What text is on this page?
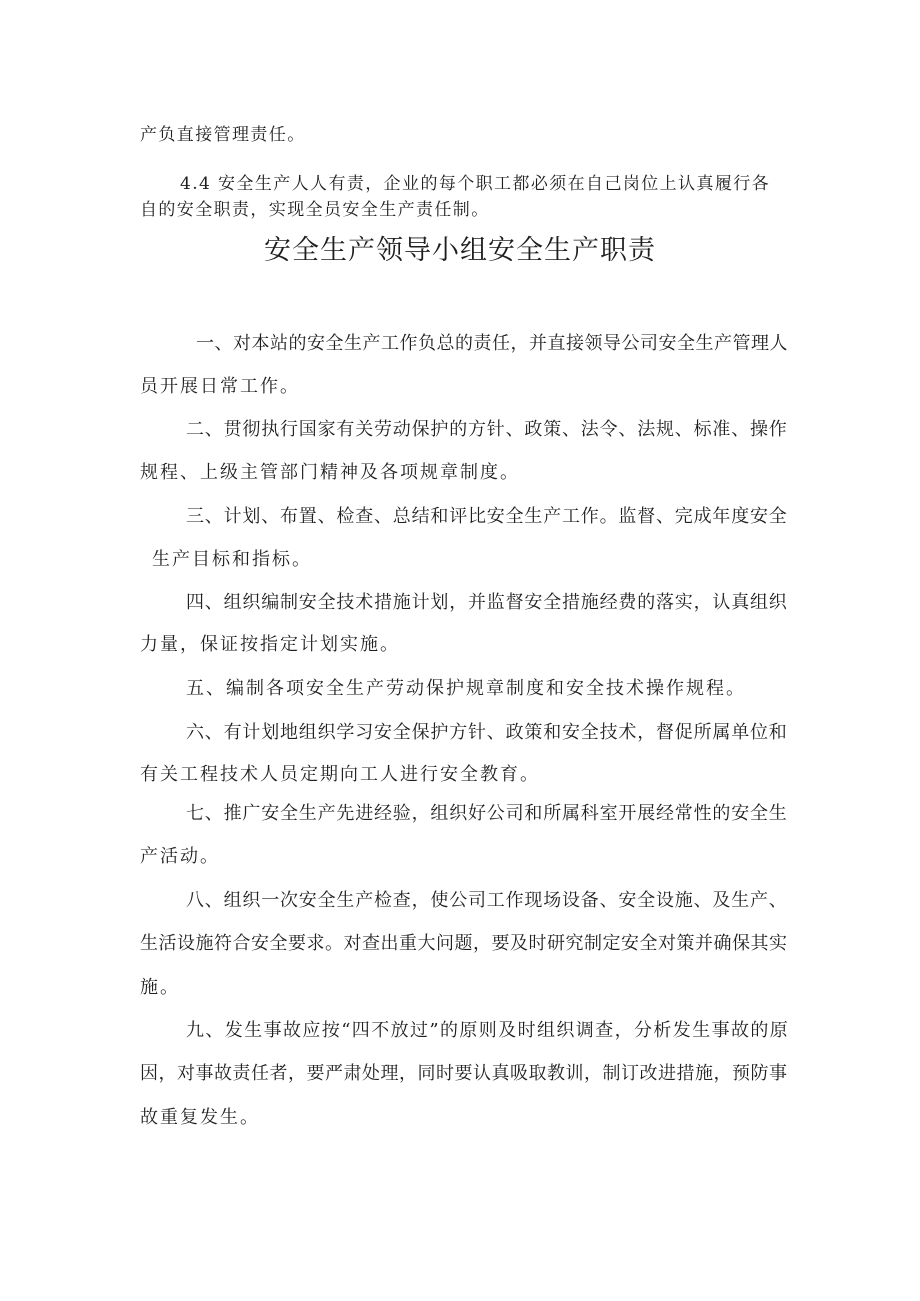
产负直接管理责任。
4.4 安全生产人人有责，企业的每个职工都必须在自己岗位上认真履行各
自的安全职责，实现全员安全生产责任制。
安全生产领导小组安全生产职责
一、对本站的安全生产工作负总的责任，并直接领导公司安全生产管理人
员开展日常工作。
二、贯彻执行国家有关劳动保护的方针、政策、法令、法规、标准、操作
规程、上级主管部门精神及各项规章制度。
三、计划、布置、检查、总结和评比安全生产工作。监督、完成年度安全
生产目标和指标。
四、组织编制安全技术措施计划，并监督安全措施经费的落实，认真组织
力量，保证按指定计划实施。
五、编制各项安全生产劳动保护规章制度和安全技术操作规程。
六、有计划地组织学习安全保护方针、政策和安全技术，督促所属单位和
有关工程技术人员定期向工人进行安全教育。
七、推广安全生产先进经验，组织好公司和所属科室开展经常性的安全生
产活动。
八、组织一次安全生产检查，使公司工作现场设备、安全设施、及生产、
生活设施符合安全要求。对查出重大问题，要及时研究制定安全对策并确保其实
施。
九、发生事故应按“四不放过”的原则及时组织调查，分析发生事故的原
因，对事故责任者，要严肃处理，同时要认真吸取教训，制订改进措施，预防事
故重复发生。
